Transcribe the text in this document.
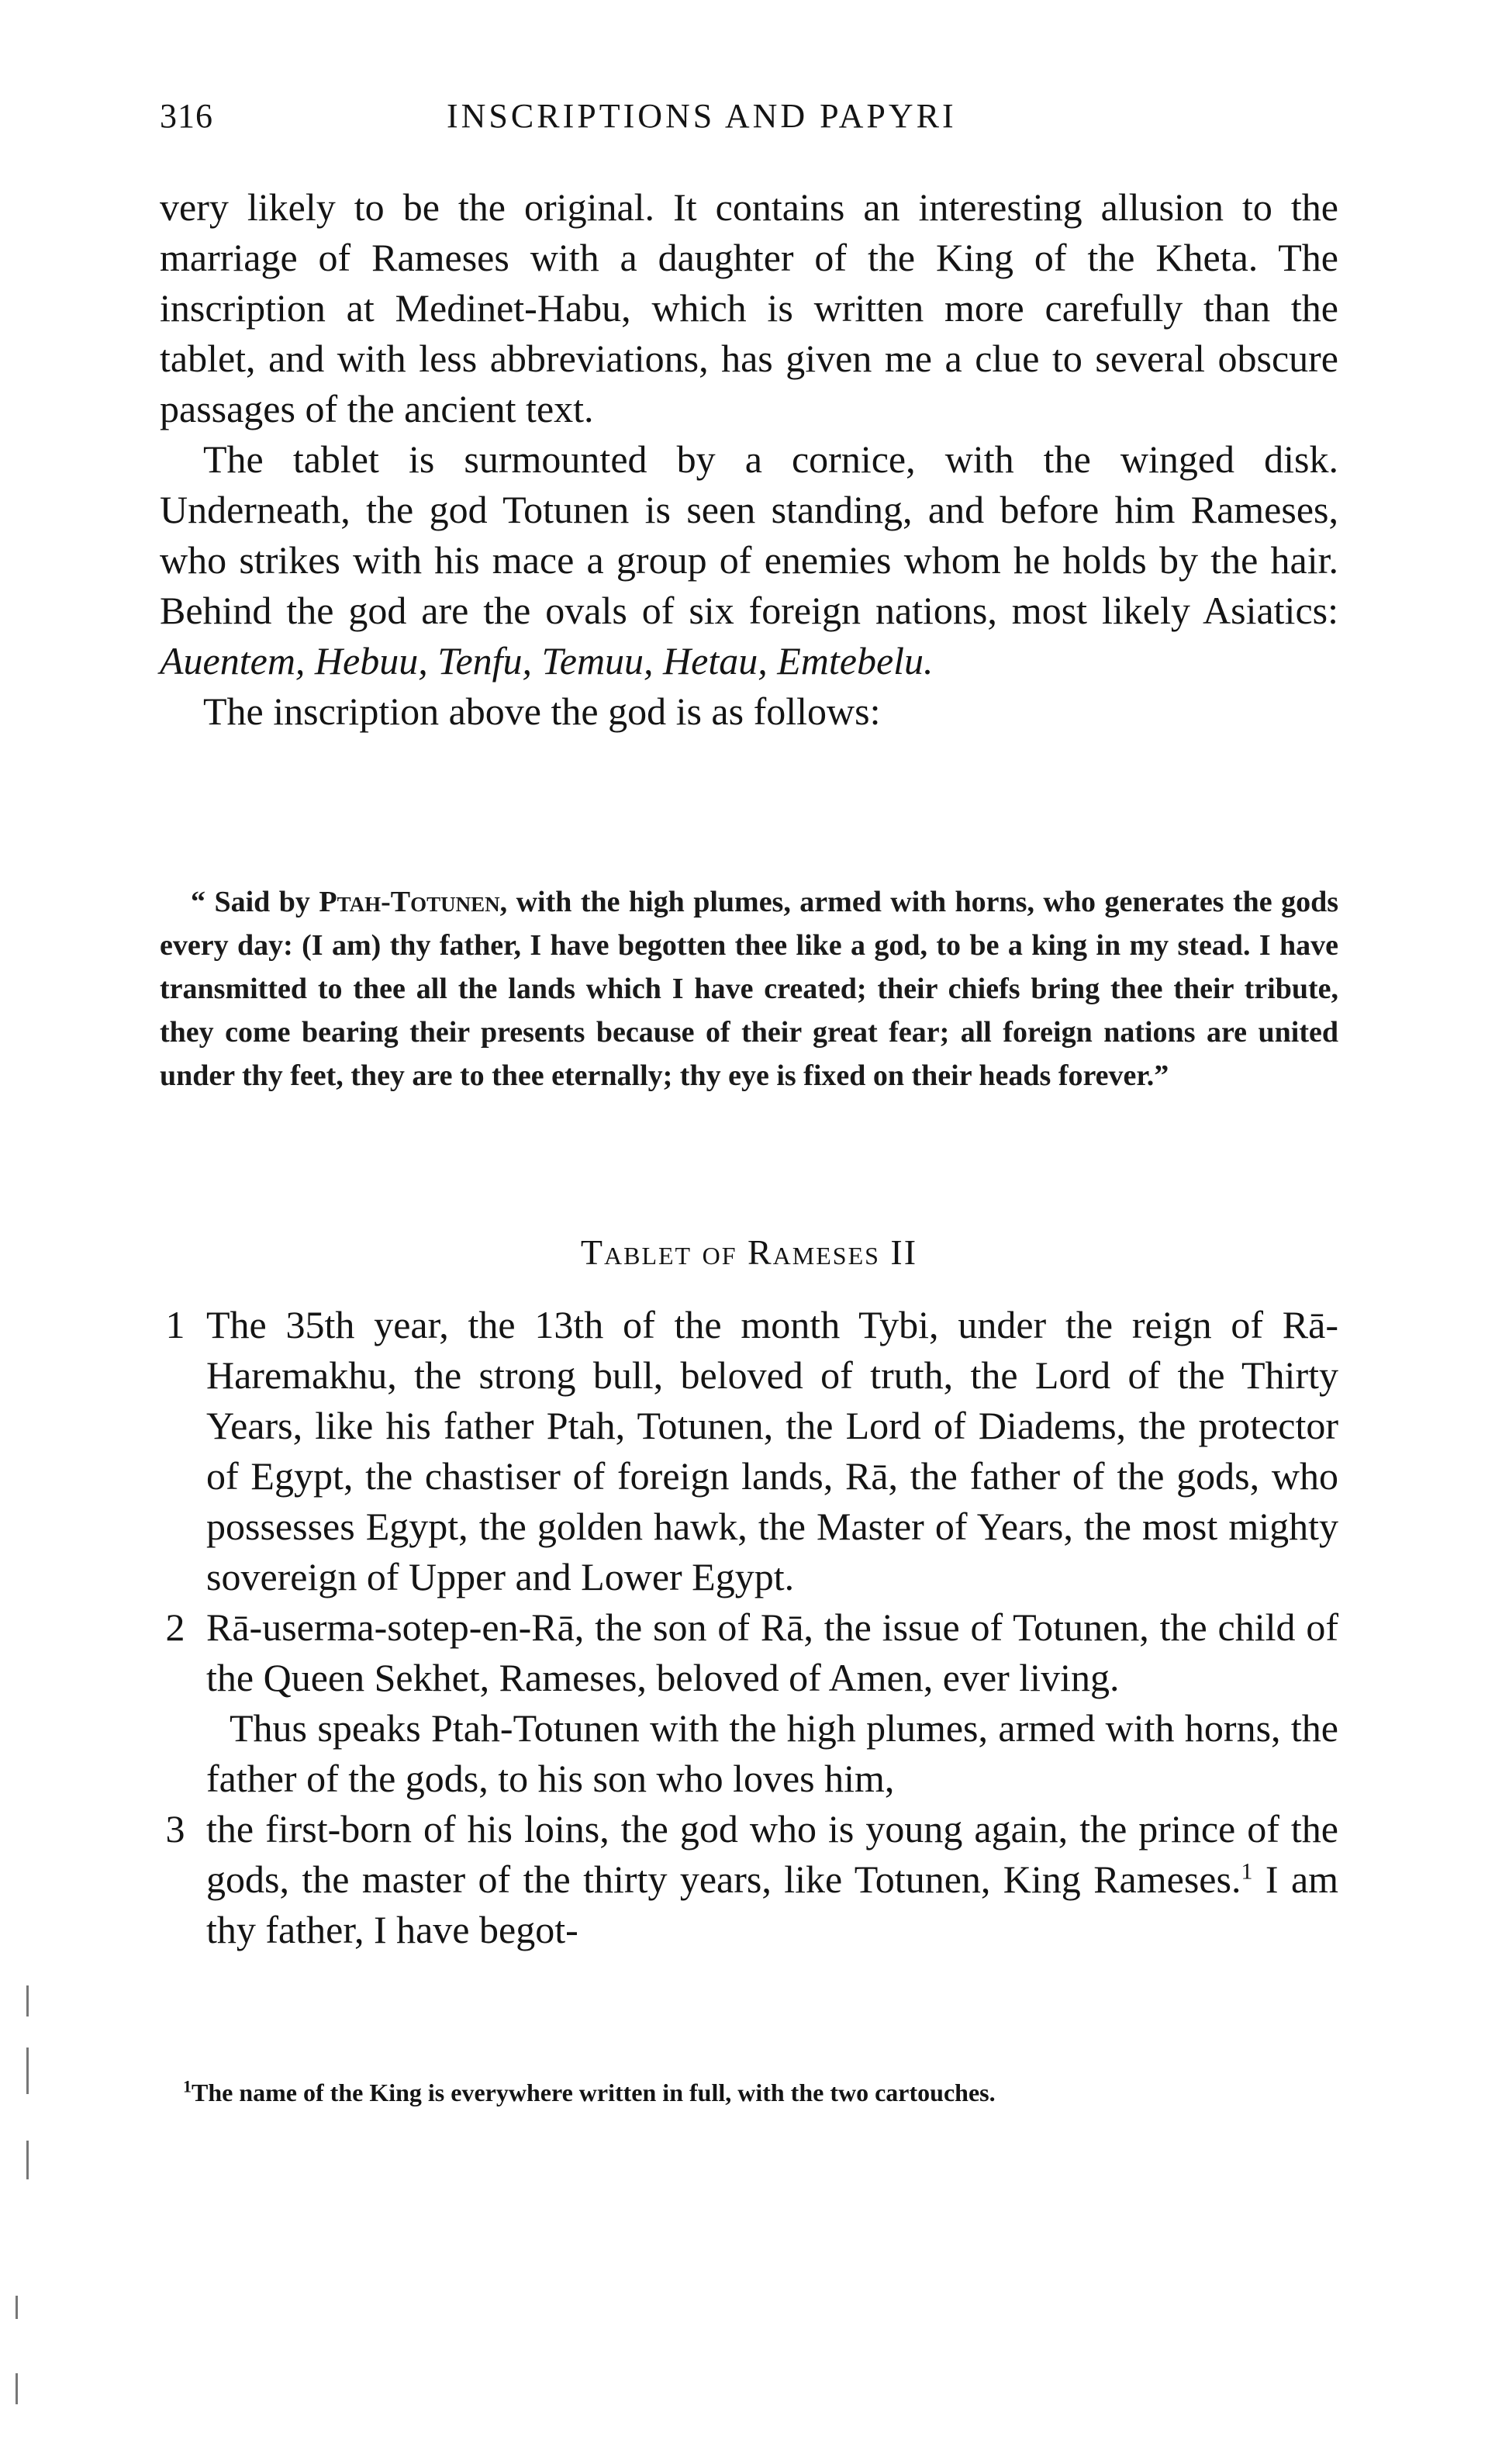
316	INSCRIPTIONS AND PAPYRI

very likely to be the original. It contains an interesting allusion to the marriage of Rameses with a daughter of the King of the Kheta. The inscription at Medinet-Habu, which is written more carefully than the tablet, and with less abbreviations, has given me a clue to several obscure passages of the ancient text.

The tablet is surmounted by a cornice, with the winged disk. Underneath, the god Totunen is seen standing, and before him Rameses, who strikes with his mace a group of enemies whom he holds by the hair. Behind the god are the ovals of six foreign nations, most likely Asiatics: Auentem, Hebuu, Tenfu, Temuu, Hetau, Emtebelu.

The inscription above the god is as follows:

“ Said by Ptah-Totunen, with the high plumes, armed with horns, who generates the gods every day: (I am) thy father, I have begotten thee like a god, to be a king in my stead. I have transmitted to thee all the lands which I have created; their chiefs bring thee their tribute, they come bearing their presents because of their great fear; all foreign nations are united under thy feet, they are to thee eternally; thy eye is fixed on their heads forever.”

Tablet of Rameses II

1 The 35th year, the 13th of the month Tybi, under the reign of Rā-Haremakhu, the strong bull, beloved of truth, the Lord of the Thirty Years, like his father Ptah, Totunen, the Lord of Diadems, the protector of Egypt, the chastiser of foreign lands, Rā, the father of the gods, who possesses Egypt, the golden hawk, the Master of Years, the most mighty sovereign of Upper and Lower Egypt.

2 Rā-userma-sotep-en-Rā, the son of Rā, the issue of Totunen, the child of the Queen Sekhet, Rameses, beloved of Amen, ever living.

Thus speaks Ptah-Totunen with the high plumes, armed with horns, the father of the gods, to his son who loves him,

3 the first-born of his loins, the god who is young again, the prince of the gods, the master of the thirty years, like Totunen, King Rameses.$^1$ I am thy father, I have begot-

$^1$The name of the King is everywhere written in full, with the two cartouches.
